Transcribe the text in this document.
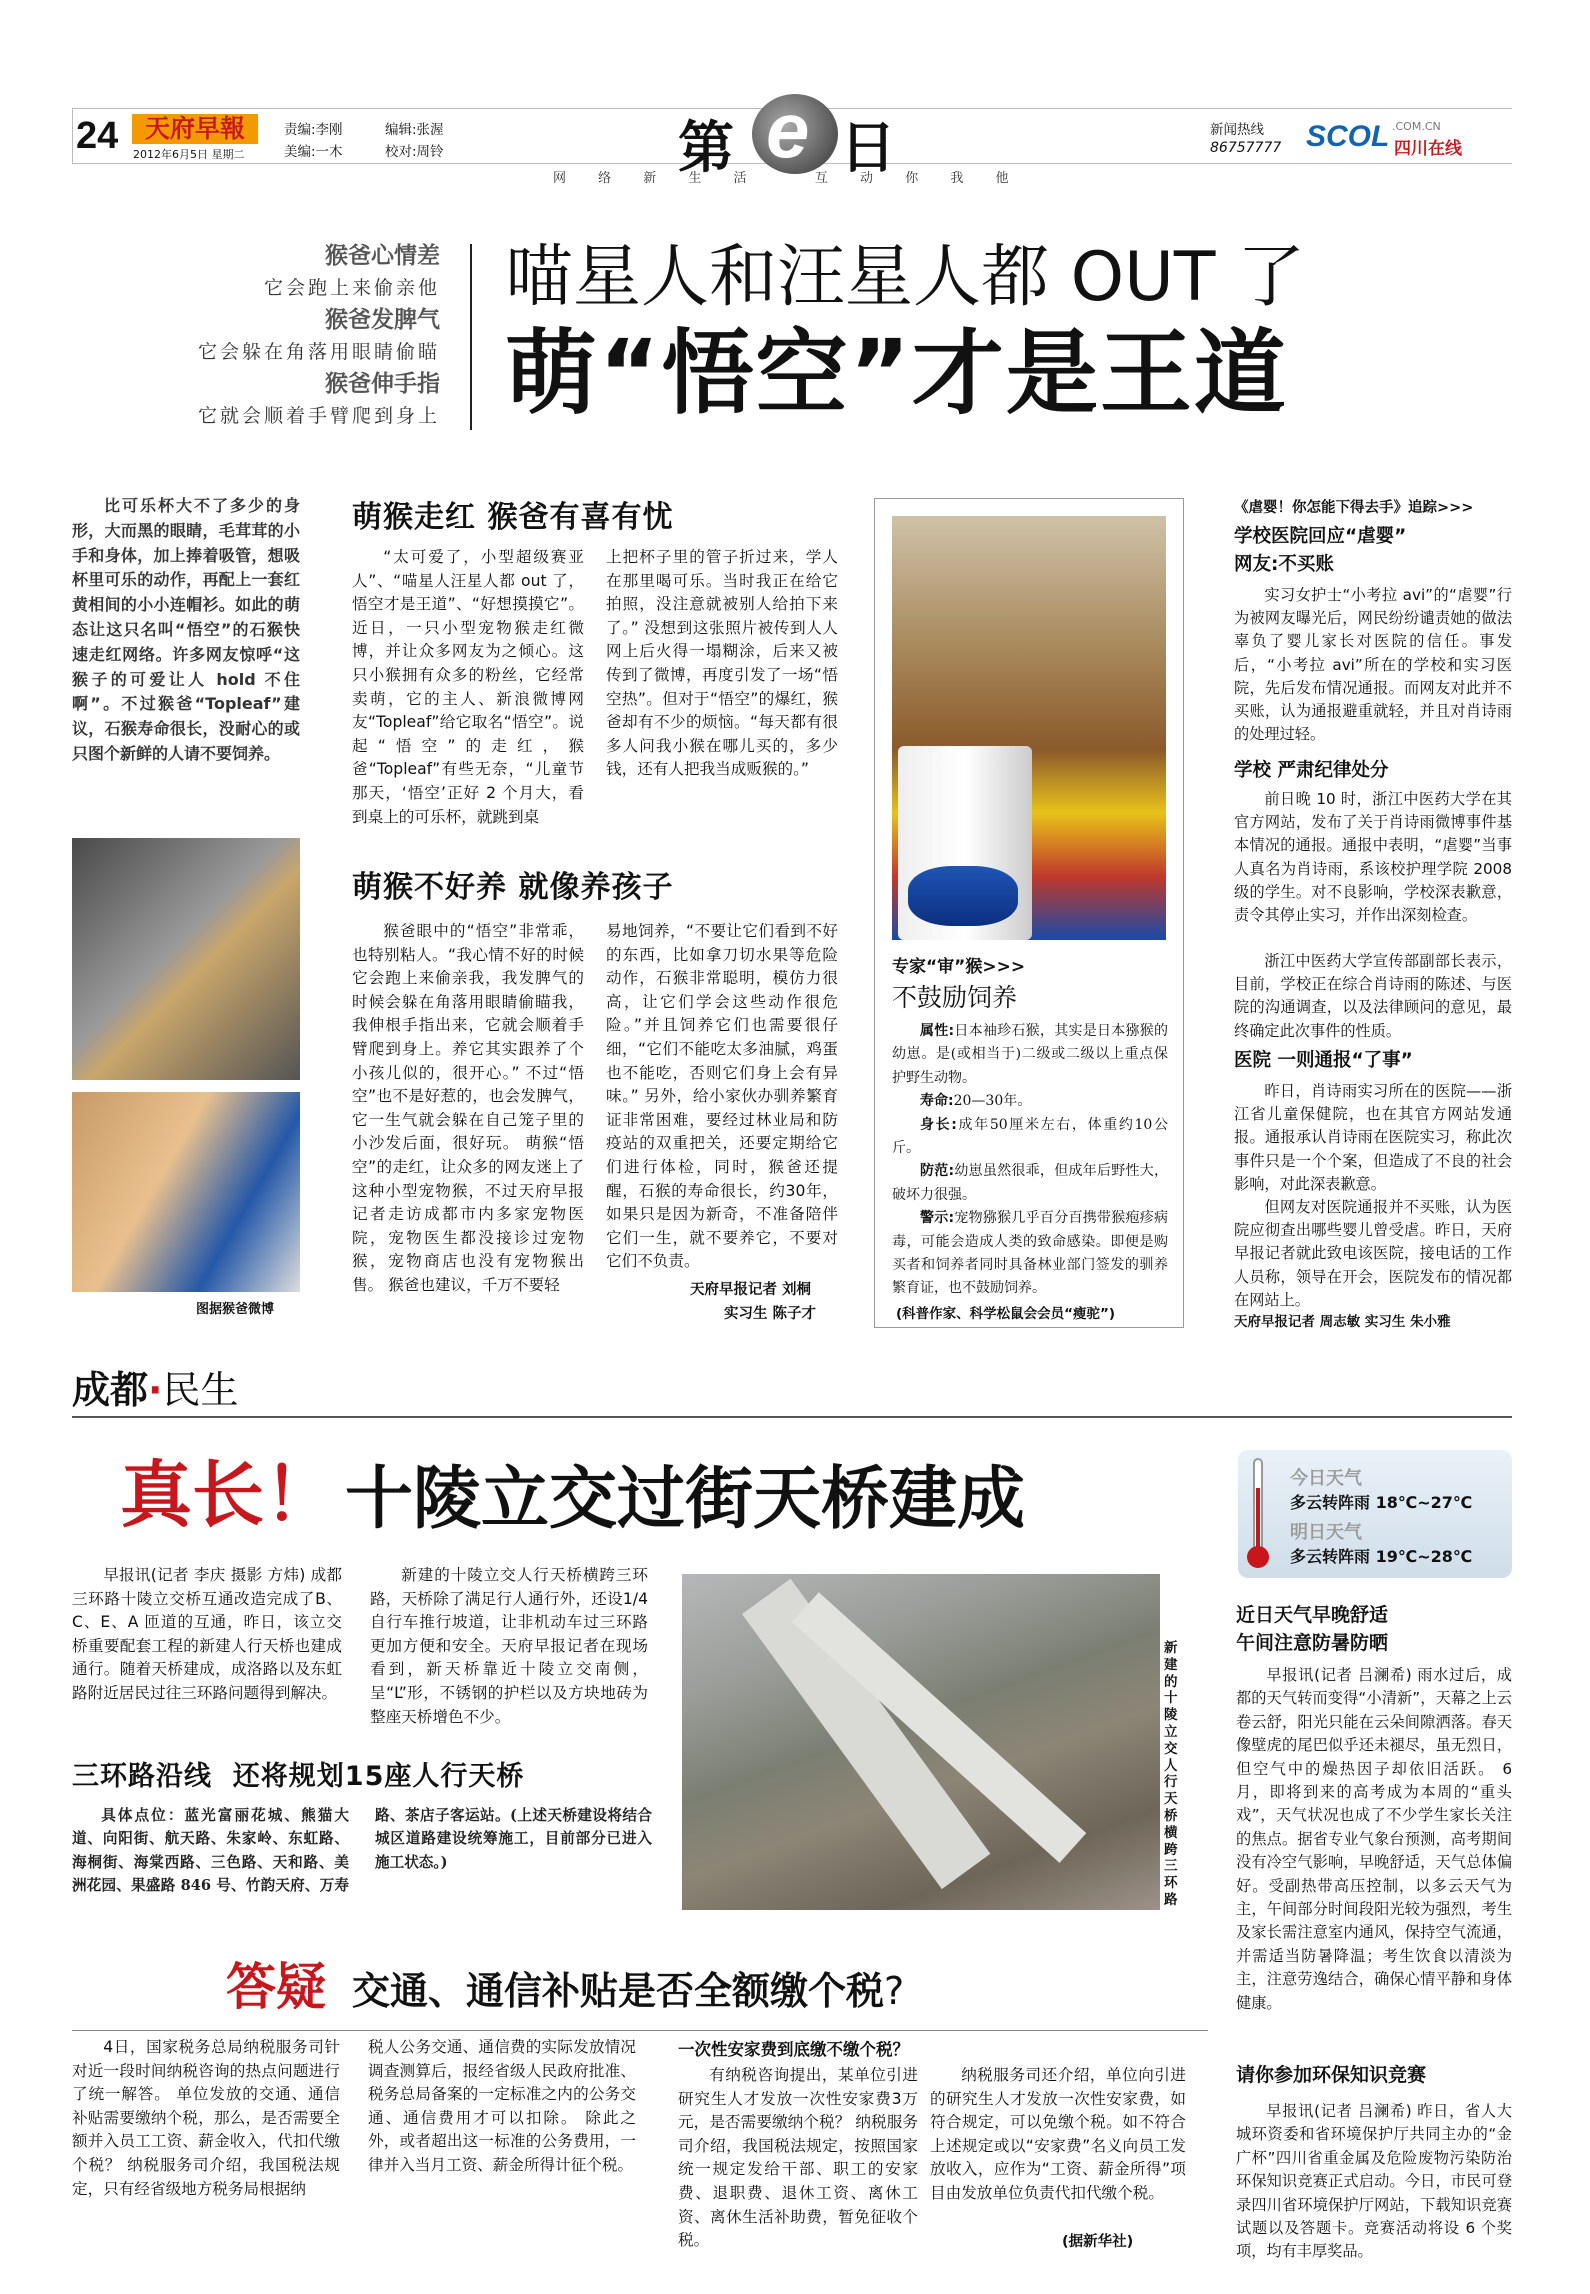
24	天府早報
2012年6月5日 星期二
责编:李刚	编辑:张渥
美编:一木	校对:周铃	第 e 日
网 络 新 生 活   互 动 你 我 他
新闻热线
86757777 SCOL .COM.CN
四川在线
猴爸心情差
它会跑上来偷亲他
猴爸发脾气
它会躲在角落用眼睛偷瞄
猴爸伸手指
它就会顺着手臂爬到身上
喵星人和汪星人都 OUT 了
萌“悟空”才是王道
比可乐杯大不了多少的身形，大而黑的眼睛，毛茸茸的小手和身体，加上捧着吸管，想吸杯里可乐的动作，再配上一套红黄相间的小小连帽衫。如此的萌态让这只名叫“悟空”的石猴快速走红网络。许多网友惊呼“这猴子的可爱让人 hold 不住啊”。不过猴爸“Topleaf”建议，石猴寿命很长，没耐心的或只图个新鲜的人请不要饲养。
图据猴爸微博
萌猴走红 猴爸有喜有忧
“太可爱了，小型超级赛亚人”、“喵星人汪星人都 out 了，悟空才是王道”、“好想摸摸它”。近日，一只小型宠物猴走红微博，并让众多网友为之倾心。这只小猴拥有众多的粉丝，它经常卖萌，它的主人、新浪微博网友“Topleaf”给它取名“悟空”。说起“悟空”的走红，猴爸“Topleaf”有些无奈，“儿童节那天，‘悟空’正好 2 个月大，看到桌上的可乐杯，就跳到桌
上把杯子里的管子折过来，学人在那里喝可乐。当时我正在给它拍照，没注意就被别人给拍下来了。” 没想到这张照片被传到人人网上后火得一塌糊涂，后来又被传到了微博，再度引发了一场“悟空热”。但对于“悟空”的爆红，猴爸却有不少的烦恼。“每天都有很多人问我小猴在哪儿买的，多少钱，还有人把我当成贩猴的。”
萌猴不好养 就像养孩子
猴爸眼中的“悟空”非常乖，也特别粘人。“我心情不好的时候它会跑上来偷亲我，我发脾气的时候会躲在角落用眼睛偷瞄我，我伸根手指出来，它就会顺着手臂爬到身上。养它其实跟养了个小孩儿似的，很开心。” 不过“悟空”也不是好惹的，也会发脾气，它一生气就会躲在自己笼子里的小沙发后面，很好玩。 萌猴“悟空”的走红，让众多的网友迷上了这种小型宠物猴，不过天府早报记者走访成都市内多家宠物医院，宠物医生都没接诊过宠物猴，宠物商店也没有宠物猴出售。 猴爸也建议，千万不要轻
易地饲养，“不要让它们看到不好的东西，比如拿刀切水果等危险动作，石猴非常聪明，模仿力很高，让它们学会这些动作很危险。”并且饲养它们也需要很仔细，“它们不能吃太多油腻，鸡蛋也不能吃，否则它们身上会有异味。” 另外，给小家伙办驯养繁育证非常困难，要经过林业局和防疫站的双重把关，还要定期给它们进行体检，同时，猴爸还提醒，石猴的寿命很长，约30年，如果只是因为新奇，不准备陪伴它们一生，就不要养它，不要对它们不负责。
天府早报记者 刘桐
实习生 陈子才
专家“审”猴>>>
不鼓励饲养
属性:日本袖珍石猴，其实是日本猕猴的幼崽。是(或相当于)二级或二级以上重点保护野生动物。
寿命:20—30年。
身长:成年50厘米左右，体重约10公斤。
防范:幼崽虽然很乖，但成年后野性大，破坏力很强。
警示:宠物猕猴几乎百分百携带猴疱疹病毒，可能会造成人类的致命感染。即便是购买者和饲养者同时具备林业部门签发的驯养繁育证，也不鼓励饲养。
(科普作家、科学松鼠会会员“瘦驼”)
《虐婴！你怎能下得去手》追踪>>>
学校医院回应“虐婴”
网友:不买账
实习女护士“小考拉 avi”的“虐婴”行为被网友曝光后，网民纷纷谴责她的做法辜负了婴儿家长对医院的信任。事发后，“小考拉 avi”所在的学校和实习医院，先后发布情况通报。而网友对此并不买账，认为通报避重就轻，并且对肖诗雨的处理过轻。
学校 严肃纪律处分
前日晚 10 时，浙江中医药大学在其官方网站，发布了关于肖诗雨微博事件基本情况的通报。通报中表明，“虐婴”当事人真名为肖诗雨，系该校护理学院 2008 级的学生。对不良影响，学校深表歉意，责令其停止实习，并作出深刻检查。
浙江中医药大学宣传部副部长表示，目前，学校正在综合肖诗雨的陈述、与医院的沟通调查，以及法律顾问的意见，最终确定此次事件的性质。
医院 一则通报“了事”
昨日，肖诗雨实习所在的医院——浙江省儿童保健院，也在其官方网站发通报。通报承认肖诗雨在医院实习，称此次事件只是一个个案，但造成了不良的社会影响，对此深表歉意。
但网友对医院通报并不买账，认为医院应彻查出哪些婴儿曾受虐。昨日，天府早报记者就此致电该医院，接电话的工作人员称，领导在开会，医院发布的情况都在网站上。
天府早报记者 周志敏 实习生 朱小雅
成都·民生
真长！ 十陵立交过街天桥建成
早报讯(记者 李庆 摄影 方炜) 成都三环路十陵立交桥互通改造完成了B、C、E、A 匝道的互通，昨日，该立交桥重要配套工程的新建人行天桥也建成通行。随着天桥建成，成洛路以及东虹路附近居民过往三环路问题得到解决。
新建的十陵立交人行天桥横跨三环路，天桥除了满足行人通行外，还设1/4 自行车推行坡道，让非机动车过三环路更加方便和安全。天府早报记者在现场看到，新天桥靠近十陵立交南侧，呈“L”形，不锈钢的护栏以及方块地砖为整座天桥增色不少。
新建的十陵立交人行天桥横跨三环路
三环路沿线  还将规划15座人行天桥
具体点位：蓝光富丽花城、熊猫大道、向阳街、航天路、朱家岭、东虹路、海桐街、海棠西路、三色路、天和路、美洲花园、果盛路 846 号、竹韵天府、万寿路、茶店子客运站。(上述天桥建设将结合城区道路建设统筹施工，目前部分已进入施工状态。)
今日天气
多云转阵雨 18℃~27℃
明日天气
多云转阵雨 19℃~28℃
近日天气早晚舒适
午间注意防暑防晒
早报讯(记者 吕澜希) 雨水过后，成都的天气转而变得“小清新”，天幕之上云卷云舒，阳光只能在云朵间隙洒落。春天像壁虎的尾巴似乎还未褪尽，虽无烈日，但空气中的燥热因子却依旧活跃。 6 月，即将到来的高考成为本周的“重头戏”，天气状况也成了不少学生家长关注的焦点。据省专业气象台预测，高考期间没有冷空气影响，早晚舒适，天气总体偏好。受副热带高压控制，以多云天气为主，午间部分时间段阳光较为强烈，考生及家长需注意室内通风，保持空气流通，并需适当防暑降温；考生饮食以清淡为主，注意劳逸结合，确保心情平静和身体健康。
答疑 交通、通信补贴是否全额缴个税?
4日，国家税务总局纳税服务司针对近一段时间纳税咨询的热点问题进行了统一解答。 单位发放的交通、通信补贴需要缴纳个税，那么，是否需要全额并入员工工资、薪金收入，代扣代缴个税？ 纳税服务司介绍，我国税法规定，只有经省级地方税务局根据纳
税人公务交通、通信费的实际发放情况调查测算后，报经省级人民政府批准、税务总局备案的一定标准之内的公务交通、通信费用才可以扣除。 除此之外，或者超出这一标准的公务费用，一律并入当月工资、薪金所得计征个税。
一次性安家费到底缴不缴个税？
有纳税咨询提出，某单位引进研究生人才发放一次性安家费3万元，是否需要缴纳个税？ 纳税服务司介绍，我国税法规定，按照国家统一规定发给干部、职工的安家费、退职费、退休工资、离休工资、离休生活补助费，暂免征收个税。
纳税服务司还介绍，单位向引进的研究生人才发放一次性安家费，如符合规定，可以免缴个税。如不符合上述规定或以“安家费”名义向员工发放收入，应作为“工资、薪金所得”项目由发放单位负责代扣代缴个税。
(据新华社)
请你参加环保知识竞赛
早报讯(记者 吕澜希) 昨日，省人大城环资委和省环境保护厅共同主办的“金广杯”四川省重金属及危险废物污染防治环保知识竞赛正式启动。今日，市民可登录四川省环境保护厅网站，下载知识竞赛试题以及答题卡。竞赛活动将设 6 个奖项，均有丰厚奖品。
